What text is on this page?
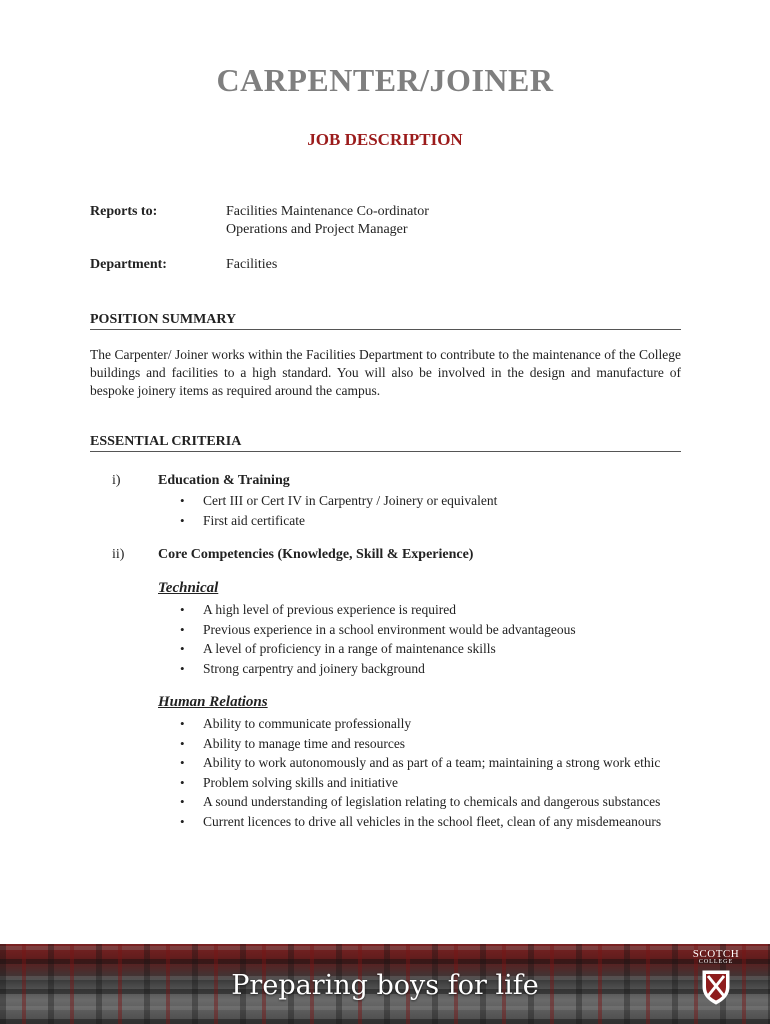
CARPENTER/JOINER
JOB DESCRIPTION
Reports to:	Facilities Maintenance Co-ordinator
Operations and Project Manager
Department:	Facilities
POSITION SUMMARY

The Carpenter/ Joiner works within the Facilities Department to contribute to the maintenance of the College buildings and facilities to a high standard. You will also be involved in the design and manufacture of bespoke joinery items as required around the campus.

ESSENTIAL CRITERIA
i)	Education & Training
• Cert III or Cert IV in Carpentry / Joinery or equivalent
• First aid certificate
ii) Core Competencies (Knowledge, Skill & Experience)
Technical
• A high level of previous experience is required
• Previous experience in a school environment would be advantageous
• A level of proficiency in a range of maintenance skills
• Strong carpentry and joinery background
Human Relations
• Ability to communicate professionally
• Ability to manage time and resources
• Ability to work autonomously and as part of a team; maintaining a strong work ethic
• Problem solving skills and initiative
• A sound understanding of legislation relating to chemicals and dangerous substances
• Current licences to drive all vehicles in the school fleet, clean of any misdemeanours
Preparing boys for life
SCOTCH
COLLEGE
